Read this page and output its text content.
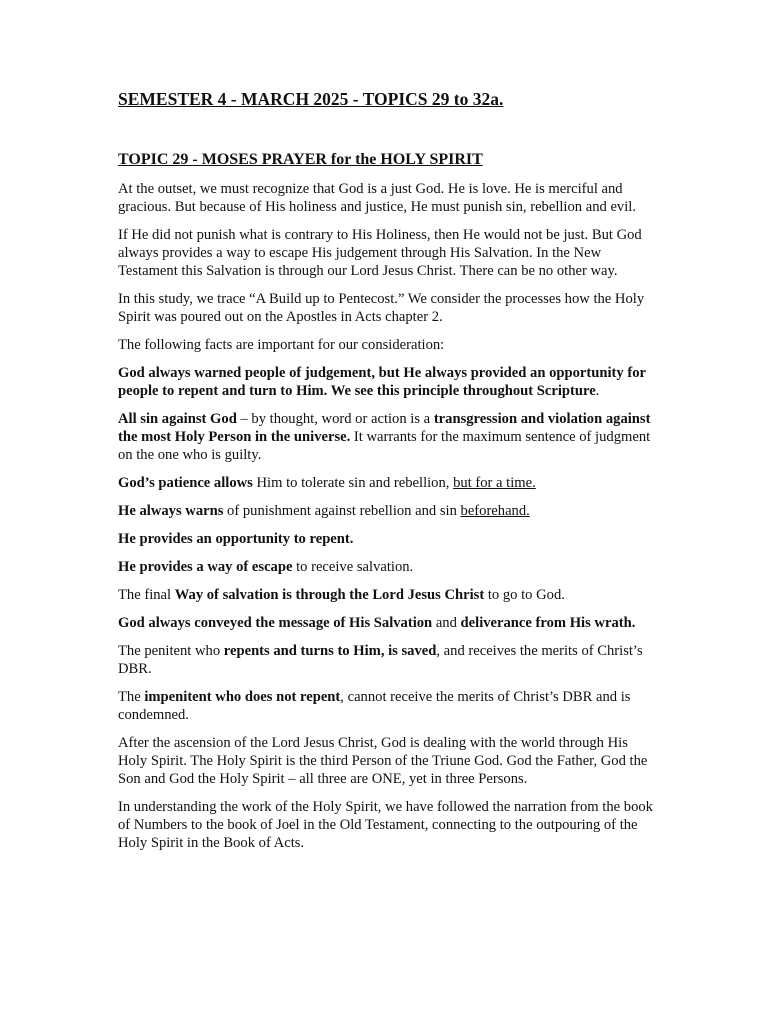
SEMESTER 4 - MARCH 2025 - TOPICS 29 to 32a.
TOPIC 29 - MOSES PRAYER for the HOLY SPIRIT

At the outset, we must recognize that God is a just God. He is love. He is merciful and gracious. But because of His holiness and justice, He must punish sin, rebellion and evil.

If He did not punish what is contrary to His Holiness, then He would not be just. But God always provides a way to escape His judgement through His Salvation. In the New Testament this Salvation is through our Lord Jesus Christ. There can be no other way.

In this study, we trace “A Build up to Pentecost.” We consider the processes how the Holy Spirit was poured out on the Apostles in Acts chapter 2.

The following facts are important for our consideration:

God always warned people of judgement, but He always provided an opportunity for people to repent and turn to Him. We see this principle throughout Scripture.

All sin against God – by thought, word or action is a transgression and violation against the most Holy Person in the universe. It warrants for the maximum sentence of judgment on the one who is guilty.

God’s patience allows Him to tolerate sin and rebellion, but for a time.

He always warns of punishment against rebellion and sin beforehand.

He provides an opportunity to repent.

He provides a way of escape to receive salvation.

The final Way of salvation is through the Lord Jesus Christ to go to God.

God always conveyed the message of His Salvation and deliverance from His wrath.

The penitent who repents and turns to Him, is saved, and receives the merits of Christ’s DBR.

The impenitent who does not repent, cannot receive the merits of Christ’s DBR and is condemned.

After the ascension of the Lord Jesus Christ, God is dealing with the world through His Holy Spirit. The Holy Spirit is the third Person of the Triune God. God the Father, God the Son and God the Holy Spirit – all three are ONE, yet in three Persons.

In understanding the work of the Holy Spirit, we have followed the narration from the book of Numbers to the book of Joel in the Old Testament, connecting to the outpouring of the Holy Spirit in the Book of Acts.
